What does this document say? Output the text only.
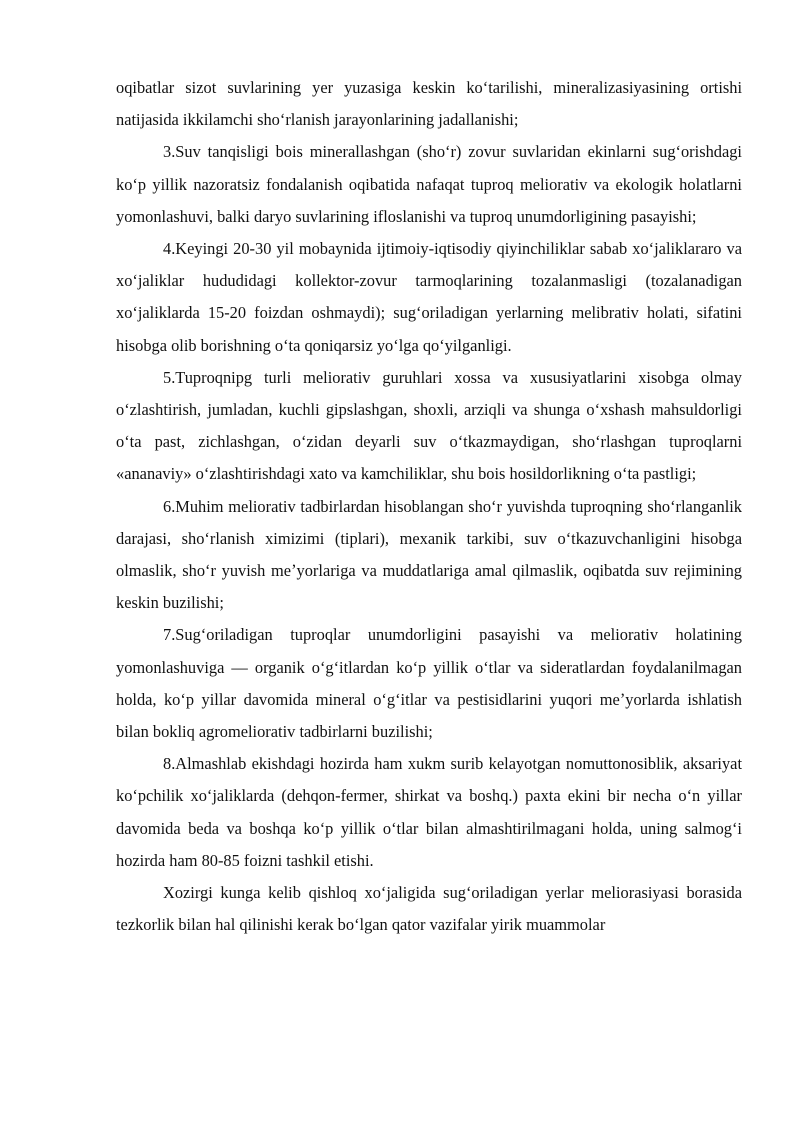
oqibatlar sizot suvlarining yer yuzasiga keskin koʻtarilishi, mineralizasiyasining ortishi natijasida ikkilamchi shoʻrlanish jarayonlarining jadallanishi;

3.Suv tanqisligi bois minerallashgan (shoʻr) zovur suvlaridan ekinlarni sugʻorishdagi koʻp yillik nazoratsiz fondalanish oqibatida nafaqat tuproq meliorativ va ekologik holatlarni yomonlashuvi, balki daryo suvlarining ifloslanishi va tuproq unumdorligining pasayishi;

4.Keyingi 20-30 yil mobaynida ijtimoiy-iqtisodiy qiyinchiliklar sabab xoʻjaliklararo va xoʻjaliklar hududidagi kollektor-zovur tarmoqlarining tozalanmasligi (tozalanadigan xoʻjaliklarda 15-20 foizdan oshmaydi); sugʻoriladigan yerlarning melibrativ holati, sifatini hisobga olib borishning oʻta qoniqarsiz yoʻlga qoʻyilganligi.

5.Tuproqnipg turli meliorativ guruhlari xossa va xususiyatlarini xisobga olmay oʻzlashtirish, jumladan, kuchli gipslashgan, shoxli, arziqli va shunga oʻxshash mahsuldorligi oʻta past, zichlashgan, oʻzidan deyarli suv oʻtkazmaydigan, shoʻrlashgan tuproqlarni «ananaviy» oʻzlashtirishdagi xato va kamchiliklar, shu bois hosildorlikning oʻta pastligi;

6.Muhim meliorativ tadbirlardan hisoblangan shoʻr yuvishda tuproqning shoʻrlanganlik darajasi, shoʻrlanish ximizimi (tiplari), mexanik tarkibi, suv oʻtkazuvchanligini hisobga olmaslik, shoʻr yuvish meʼyorlariga va muddatlariga amal qilmaslik, oqibatda suv rejimining keskin buzilishi;

7.Sugʻoriladigan tuproqlar unumdorligini pasayishi va meliorativ holatining yomonlashuviga — organik oʻgʻitlardan koʻp yillik oʻtlar va sideratlardan foydalanilmagan holda, koʻp yillar davomida mineral oʻgʻitlar va pestisidlarini yuqori meʼyorlarda ishlatish bilan bokliq agromeliorativ tadbirlarni buzilishi;

8.Almashlab ekishdagi hozirda ham xukm surib kelayotgan nomuttonosiblik, aksariyat koʻpchilik xoʻjaliklarda (dehqon-fermer, shirkat va boshq.) paxta ekini bir necha oʻn yillar davomida beda va boshqa koʻp yillik oʻtlar bilan almashtirilmagani holda, uning salmogʻi hozirda ham 80-85 foizni tashkil etishi.

Xozirgi kunga kelib qishloq xoʻjaligida sugʻoriladigan yerlar meliorasiyasi borasida tezkorlik bilan hal qilinishi kerak boʻlgan qator vazifalar yirik muammolar
